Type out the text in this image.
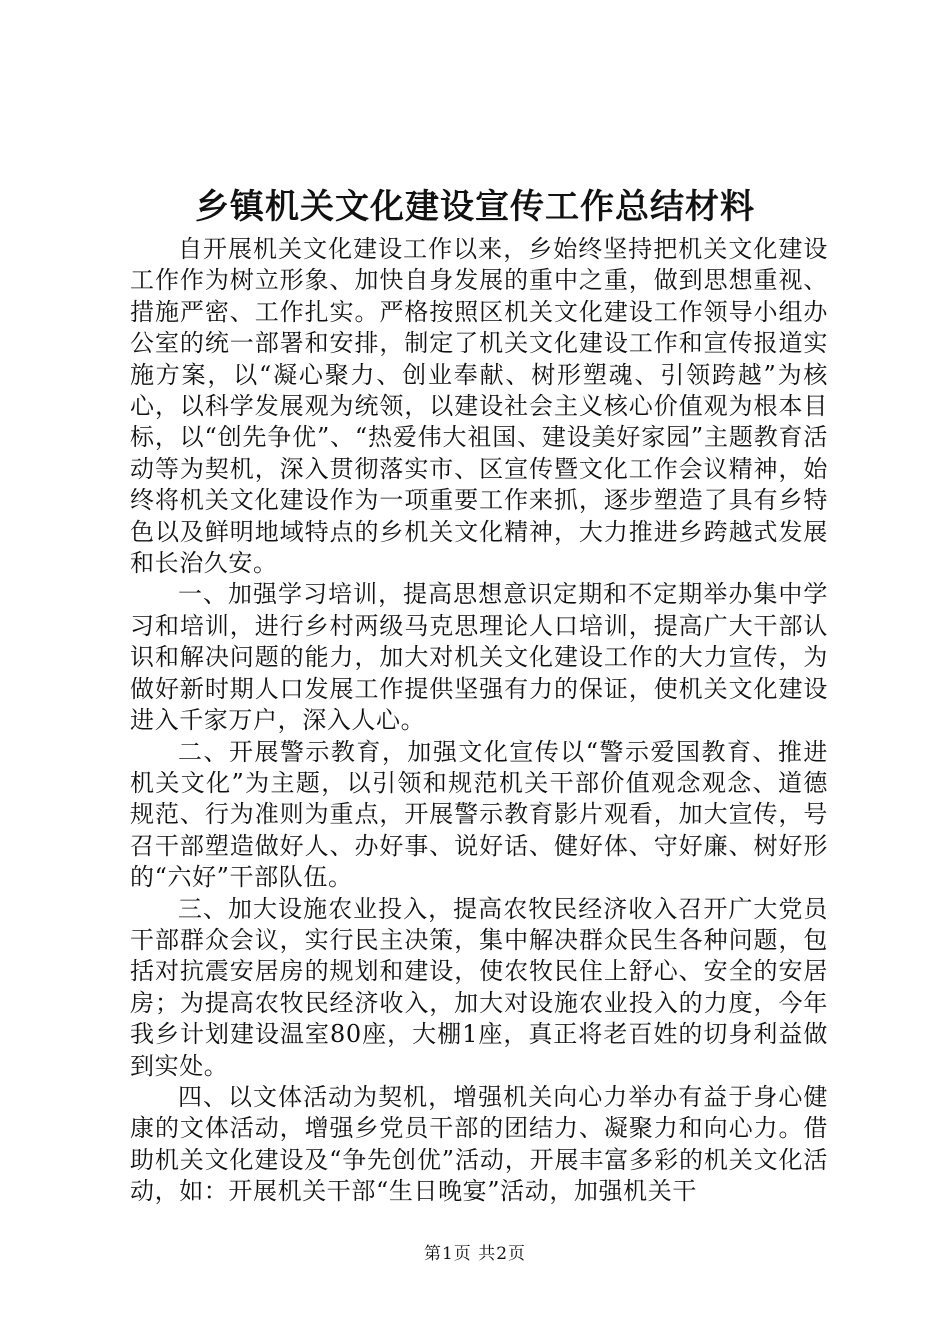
乡镇机关文化建设宣传工作总结材料

自开展机关文化建设工作以来，乡始终坚持把机关文化建设工作作为树立形象、加快自身发展的重中之重，做到思想重视、措施严密、工作扎实。严格按照区机关文化建设工作领导小组办公室的统一部署和安排，制定了机关文化建设工作和宣传报道实施方案，以“凝心聚力、创业奉献、树形塑魂、引领跨越”为核心，以科学发展观为统领，以建设社会主义核心价值观为根本目标，以“创先争优”、“热爱伟大祖国、建设美好家园”主题教育活动等为契机，深入贯彻落实市、区宣传暨文化工作会议精神，始终将机关文化建设作为一项重要工作来抓，逐步塑造了具有乡特色以及鲜明地域特点的乡机关文化精神，大力推进乡跨越式发展和长治久安。

一、加强学习培训，提高思想意识定期和不定期举办集中学习和培训，进行乡村两级马克思理论人口培训，提高广大干部认识和解决问题的能力，加大对机关文化建设工作的大力宣传，为做好新时期人口发展工作提供坚强有力的保证，使机关文化建设进入千家万户，深入人心。

二、开展警示教育，加强文化宣传以“警示爱国教育、推进机关文化”为主题，以引领和规范机关干部价值观念观念、道德规范、行为准则为重点，开展警示教育影片观看，加大宣传，号召干部塑造做好人、办好事、说好话、健好体、守好廉、树好形的“六好”干部队伍。

三、加大设施农业投入，提高农牧民经济收入召开广大党员干部群众会议，实行民主决策，集中解决群众民生各种问题，包括对抗震安居房的规划和建设，使农牧民住上舒心、安全的安居房；为提高农牧民经济收入，加大对设施农业投入的力度，今年我乡计划建设温室80座，大棚1座，真正将老百姓的切身利益做到实处。

四、以文体活动为契机，增强机关向心力举办有益于身心健康的文体活动，增强乡党员干部的团结力、凝聚力和向心力。借助机关文化建设及“争先创优”活动，开展丰富多彩的机关文化活动，如：开展机关干部“生日晚宴”活动，加强机关干

第1页 共2页
